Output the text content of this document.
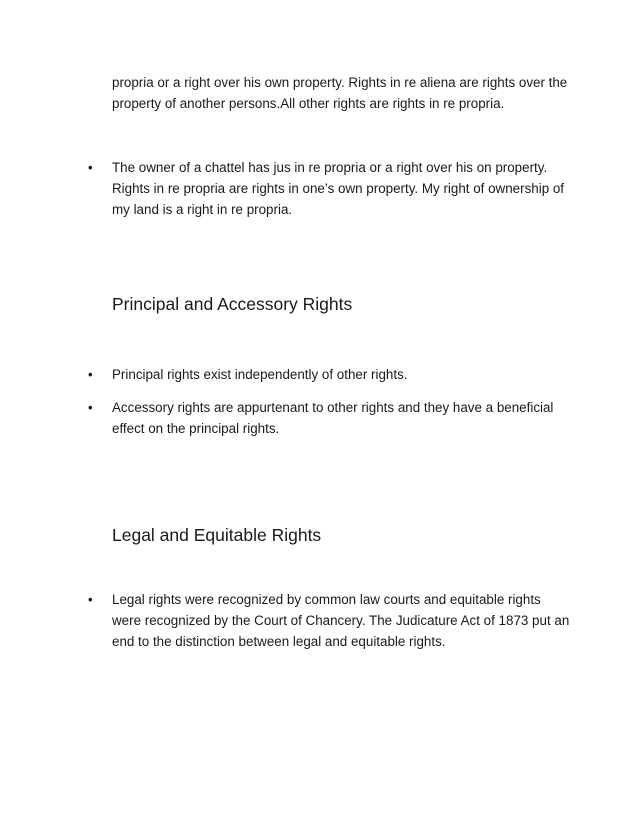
propria or a right over his own property. Rights in re aliena are rights over the property of another persons.All other rights are rights in re propria.

• The owner of a chattel has jus in re propria or a right over his on property. Rights in re propria are rights in one’s own property. My right of ownership of my land is a right in re propria.

Principal and Accessory Rights
• Principal rights exist independently of other rights.

• Accessory rights are appurtenant to other rights and they have a beneficial effect on the principal rights.

Legal and Equitable Rights
• Legal rights were recognized by common law courts and equitable rights were recognized by the Court of Chancery. The Judicature Act of 1873 put an end to the distinction between legal and equitable rights.
